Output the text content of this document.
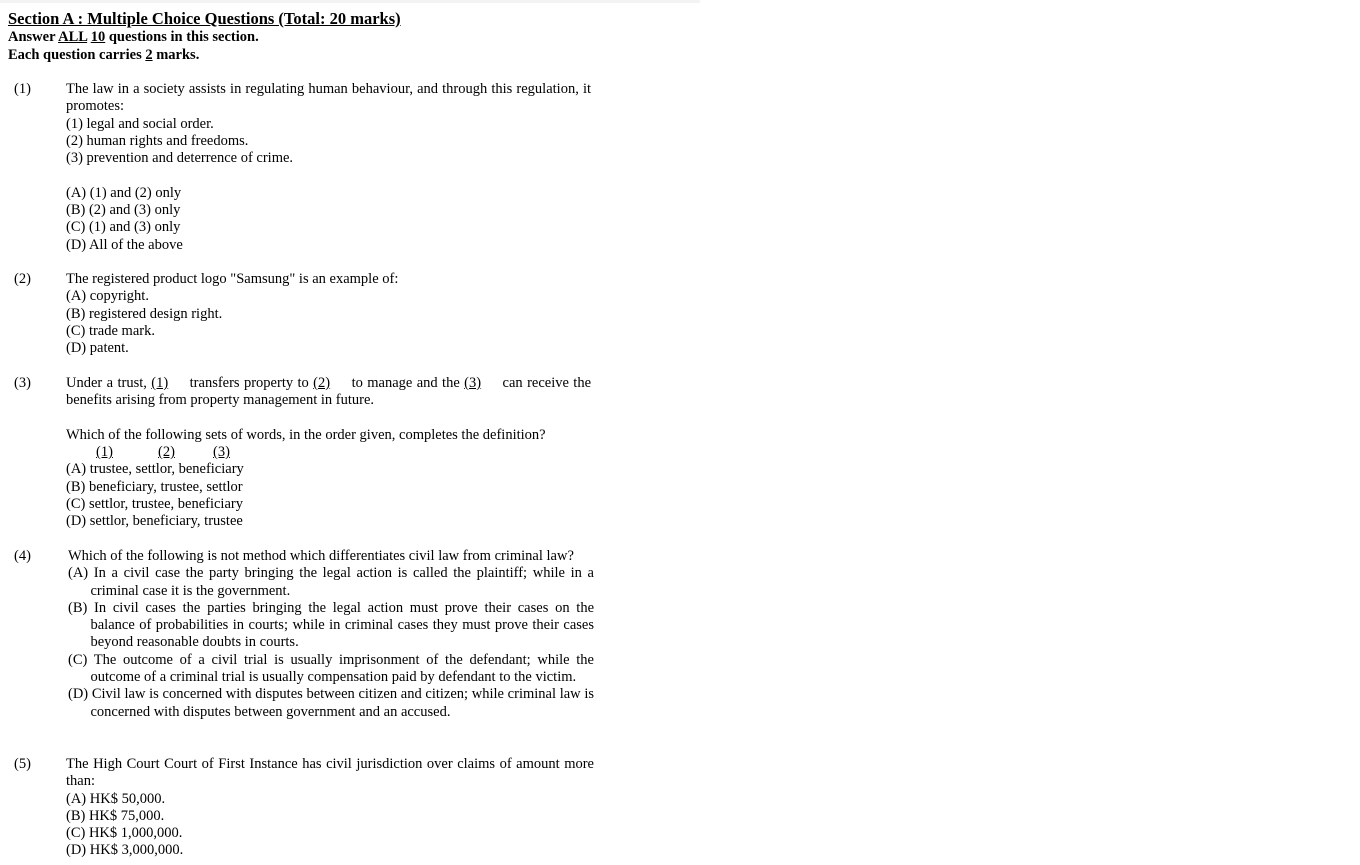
Section A : Multiple Choice Questions (Total: 20 marks)
Answer ALL 10 questions in this section.
Each question carries 2 marks.
(1) The law in a society assists in regulating human behaviour, and through this regulation, it promotes:
(1) legal and social order.
(2) human rights and freedoms.
(3) prevention and deterrence of crime.
(A) (1) and (2) only
(B) (2) and (3) only
(C) (1) and (3) only
(D) All of the above
(2) The registered product logo "Samsung" is an example of:
(A) copyright.
(B) registered design right.
(C) trade mark.
(D) patent.
(3) Under a trust, (1) transfers property to (2) to manage and the (3) can receive the benefits arising from property management in future.
Which of the following sets of words, in the order given, completes the definition?
(1)	(2)	(3)
(A) trustee, settlor, beneficiary
(B) beneficiary, trustee, settlor
(C) settlor, trustee, beneficiary
(D) settlor, beneficiary, trustee
(4)	Which of the following is not method which differentiates civil law from criminal law?
(A) In a civil case the party bringing the legal action is called the plaintiff; while in a criminal case it is the government.
(B) In civil cases the parties bringing the legal action must prove their cases on the balance of probabilities in courts; while in criminal cases they must prove their cases beyond reasonable doubts in courts.
(C) The outcome of a civil trial is usually imprisonment of the defendant; while the outcome of a criminal trial is usually compensation paid by defendant to the victim.
(D) Civil law is concerned with disputes between citizen and citizen; while criminal law is concerned with disputes between government and an accused.
(5) The High Court Court of First Instance has civil jurisdiction over claims of amount more than:
(A) HK$ 50,000.
(B) HK$ 75,000.
(C) HK$ 1,000,000.
(D) HK$ 3,000,000.
